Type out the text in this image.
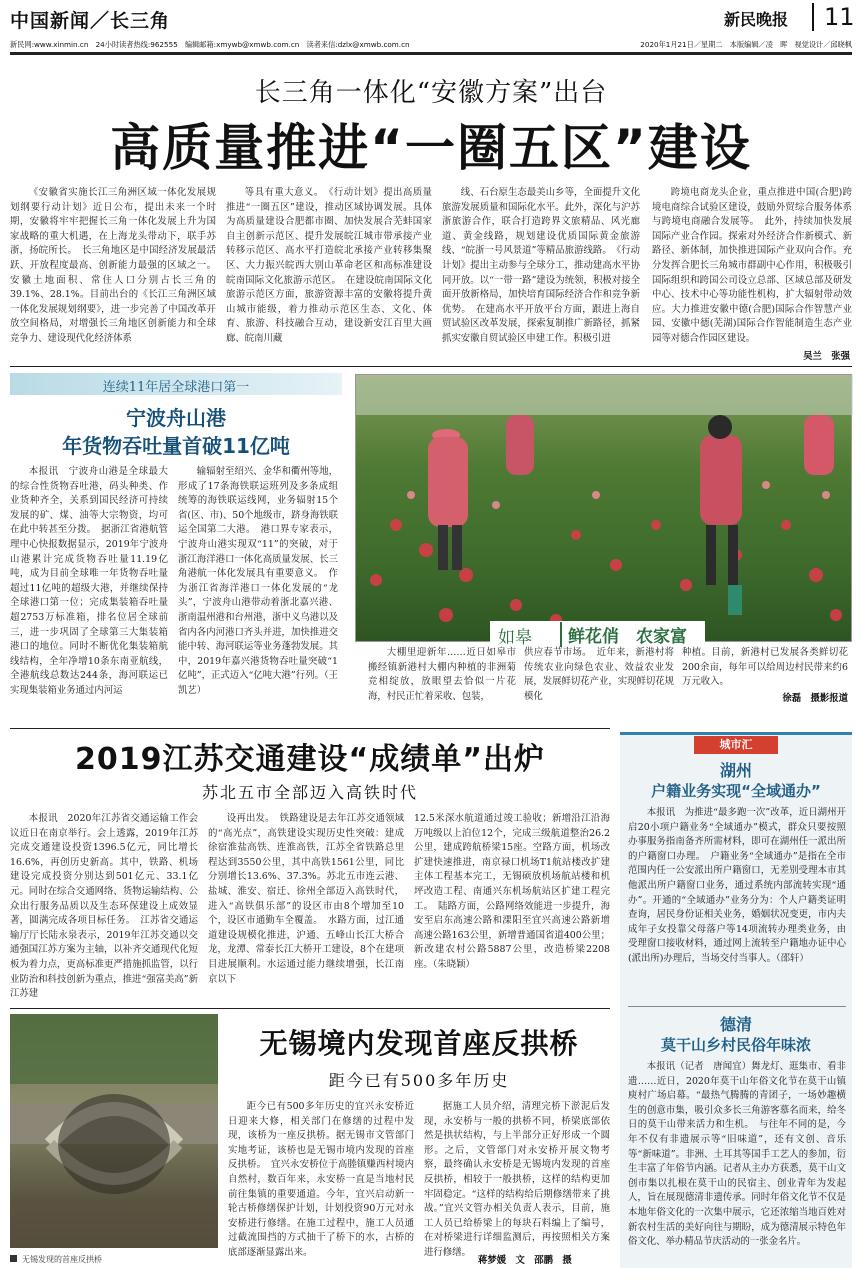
中国新闻／长三角	新民晚报	11
新民网:www.xinmin.cn　24小时读者热线:962555　编辑邮箱:xmywb@xmwb.com.cn　读者来信:dzlx@xmwb.com.cn	2020年1月21日／星期二　本版编辑／凌　晖　视觉设计／邱晓枫
长三角一体化“安徽方案”出台
高质量推进“一圈五区”建设

《安徽省实施长江三角洲区域一体化发展规划纲要行动计划》近日公布，提出未来一个时期，安徽将牢牢把握长三角一体化发展上升为国家战略的重大机遇，在上海龙头带动下，联手苏浙，扬皖所长。　长三角地区是中国经济发展最活跃、开放程度最高、创新能力最强的区域之一。安徽土地面积、常住人口分别占长三角的39.1%、28.1%。目前出台的《长江三角洲区域一体化发展规划纲要》，进一步完善了中国改革开放空间格局，对增强长三角地区创新能力和全球竞争力、建设现代化经济体系

等具有重大意义。　《行动计划》提出高质量推进“一圈五区”建设，推动区域协调发展。具体为高质量建设合肥都市圈、加快发展合芜蚌国家自主创新示范区、提升发展皖江城市带承接产业转移示范区、高水平打造皖北承接产业转移集聚区、大力振兴皖西大别山革命老区和高标准建设皖南国际文化旅游示范区。　在建设皖南国际文化旅游示范区方面，旅游资源丰富的安徽将提升黄山城市能级，着力推动示范区生态、文化、体育、旅游、科技融合互动，建设新安江百里大画廊、皖南川藏

线、石台原生态最美山乡等，全面提升文化旅游发展质量和国际化水平。此外，深化与沪苏浙旅游合作，联合打造跨界文旅精品、风光廊道、黄金线路，规划建设优质国际黄金旅游线、“皖浙一号风景道”等精品旅游线路。　《行动计划》提出主动参与全球分工，推动建高水平协同开放。以“一带一路”建设为统领，积极对接全面开放新格局，加快培育国际经济合作和竞争新优势。　在建高水平开放平台方面，跟进上海自贸试验区改革发展，探索复制推广新路径，抓紧抓实安徽自贸试验区申建工作。积极引进

跨境电商龙头企业，重点推进中国(合肥)跨境电商综合试验区建设，鼓励外贸综合服务体系与跨境电商融合发展等。　此外，持续加快发展国际产业合作园。探索对外经济合作新模式、新路径、新体制，加快推进国际产业双向合作。充分发挥合肥长三角城市群副中心作用，积极吸引国际组织和跨国公司设立总部、区域总部及研发中心、技术中心等功能性机构，扩大辐射带动效应。大力推进安徽中德(合肥)国际合作智慧产业园、安徽中德(芜湖)国际合作智能制造生态产业园等对德合作园区建设。

吴兰　张强
连续11年居全球港口第一
宁波舟山港
年货物吞吐量首破11亿吨

本报讯　宁波舟山港是全球最大的综合性货物吞吐港，码头种类、作业货种齐全，关系到国民经济可持续发展的矿、煤、油等大宗物资，均可在此中转甚至分拨。　据浙江省港航管理中心快报数据显示，2019年宁波舟山港累计完成货物吞吐量11.19亿吨，成为目前全球唯一年货物吞吐量超过11亿吨的超级大港，并继续保持全球港口第一位；完成集装箱吞吐量超2753万标准箱，排名位居全球前三，进一步巩固了全球第三大集装箱港口的地位。同时不断优化集装箱航线结构，全年净增10条东南亚航线，全港航线总数达244条，海河联运已实现集装箱业务通过内河运

输辐射至绍兴、金华和衢州等地，形成了17条海铁联运班列及多条成组统筹的海铁联运线网，业务辐射15个省(区、市)、50个地级市，跻身海铁联运全国第二大港。　港口界专家表示，宁波舟山港实现双“11”的突破，对于浙江海洋港口一体化高质量发展、长三角港航一体化发展具有重要意义。　作为浙江省海洋港口一体化发展的“龙头”，宁波舟山港带动着浙北嘉兴港、浙南温州港和台州港，浙中义乌港以及省内各内河港口齐头并进，加快推进交能中转、海河联运等业务蓬勃发展。其中，2019年嘉兴港货物吞吐量突破“1亿吨”，正式迈入“亿吨大港”行列。（王凯艺）

如皋	鲜花俏　农家富

大棚里迎新年……近日如皋市搬经镇新港村大棚内种植的非洲菊竞相绽放，放眼望去恰似一片花海，村民正忙着采收、包装，

供应春节市场。　近年来，新港村将传统农业向绿色农业、效益农业发展，发展鲜切花产业，实现鲜切花规模化

种植。目前，新港村已发展各类鲜切花200余亩，每年可以给周边村民带来约6万元收入。

徐磊　摄影报道
2019江苏交通建设“成绩单”出炉
苏北五市全部迈入高铁时代

本报讯　2020年江苏省交通运输工作会议近日在南京举行。会上透露，2019年江苏完成交通建设投资1396.5亿元，同比增长16.6%，再创历史新高。其中，铁路、机场建设完成投资分别达到501亿元、33.1亿元。同时在综合交通网络、货物运输结构、公众出行服务品质以及生态环保建设上成效显著，圆满完成各项目标任务。　江苏省交通运输厅厅长陆永泉表示，2019年江苏交通以交通强国江苏方案为主轴，以补齐交通现代化短板为着力点，更高标准更严措施抓监管，以行业防治和科技创新为重点，推进“强富美高”新江苏建

设再出发。　铁路建设是去年江苏交通领域的“高光点”，高铁建设实现历史性突破：建成徐宿淮盐高铁、连淮高铁，江苏全省铁路总里程达到3550公里，其中高铁1561公里，同比分别增长13.6%、37.3%。苏北五市连云港、盐城、淮安、宿迁、徐州全部迈入高铁时代，进入“高铁俱乐部”的设区市由8个增加至10个，设区市通勤车全覆盖。　水路方面，过江通道建设规模化推进，沪通、五峰山长江大桥合龙，龙潭、常泰长江大桥开工建设，8个在建项目进展顺利。水运通过能力继续增强，长江南京以下

12.5米深水航道通过竣工验收；新增沿江沿海万吨级以上泊位12个，完成三级航道整治26.2公里，建成跨航桥梁15座。空路方面，机场改扩建快速推进，南京禄口机场T1航站楼改扩建主体工程基本完工，无锡硕放机场航站楼和机坪改造工程、南通兴东机场航站区扩建工程完工。　陆路方面，公路网络效能进一步提升，海安至启东高速公路和溧阳至宜兴高速公路新增高速公路163公里，新增普通国省道400公里；新改建农村公路5887公里，改造桥梁2208座。（朱晓颖）

无锡发现的首座反拱桥
无锡境内发现首座反拱桥
距今已有500多年历史

距今已有500多年历史的宜兴永安桥近日迎来大修，相关部门在修缮的过程中发现，该桥为一座反拱桥。据无锡市文管部门实地考证，该桥也是无锡市境内发现的首座反拱桥。　宜兴永安桥位于高塍镇赚西村境内自然村，数百年来，永安桥一直是当地村民前往集镇的重要通道。今年，宜兴启动新一轮古桥修缮保护计划，计划投资90万元对永安桥进行修缮。在施工过程中，施工人员通过截流围挡的方式抽干了桥下的水，古桥的底部逐渐显露出来。

据施工人员介绍，清理完桥下淤泥后发现，永安桥与一般的拱桥不同，桥梁底部依然是拱状结构，与上半部分正好形成一个圆形。之后，文管部门对永安桥开展文物考察，最终确认永安桥是无锡境内发现的首座反拱桥，相较于一般拱桥，这样的结构更加牢固稳定。“这样的结构给后期修缮带来了挑战。”宜兴文管办相关负责人表示，目前，施工人员已给桥梁上的每块石料编上了编号，在对桥梁进行详细监测后，再按照相关方案进行修缮。

蒋梦媛　文　邵鹏　摄
城市汇
湖州
户籍业务实现“全域通办”

本报讯　为推进“最多跑一次”改革，近日湖州开启20小项户籍业务“全域通办”模式，群众只要按照办事服务指南备齐所需材料，即可在湖州任一派出所的户籍窗口办理。　户籍业务“全域通办”是指在全市范围内任一公安派出所户籍窗口，无差别受理本市其他派出所户籍窗口业务，通过系统内部流转实现“通办”。开通的“全域通办”业务分为：个人户籍类证明查询，居民身份证相关业务，婚姻状况变更，市内夫成年子女投靠父母落户等14项流转办理类业务，由受理窗口接收材料，通过网上流转至户籍地办证中心(派出所)办理后，当场交付当事人。（邵轩）

德清
莫干山乡村民俗年味浓

本报讯（记者　唐闻宜）舞龙灯、逛集市、看非遗……近日，2020年莫干山年俗文化节在莫干山镇庾村广场启幕。“最热气腾腾的青团子，一场妙趣横生的创意市集，吸引众多长三角游客慕名而来，给冬日的莫干山带来活力和生机。　与往年不同的是，今年不仅有非遗展示等“旧味道”，还有文创、音乐等“新味道”。非洲、土耳其等国手工艺人的参加，衍生丰富了年俗节内涵。记者从主办方获悉，莫干山文创市集以扎根在莫干山的民宿主、创业青年为发起人，旨在展现德清非遗传承。同时年俗文化节不仅是本地年俗文化的一次集中展示，它还浓缩当地百姓对新农村生活的美好向往与期盼，成为德清展示特色年俗文化、举办精品节庆活动的一张金名片。
